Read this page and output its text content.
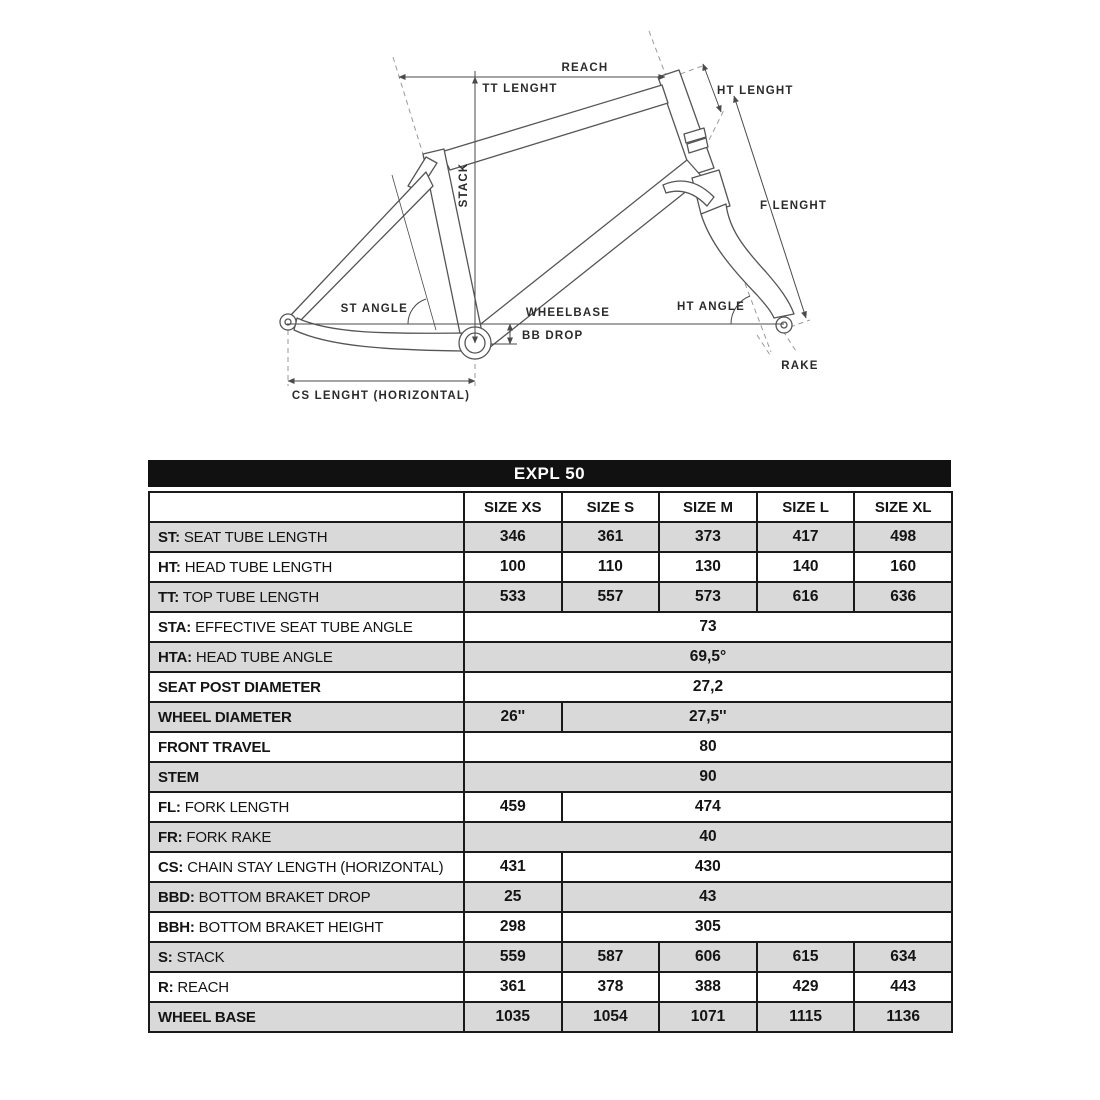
REACH
TT LENGHT	HT LENGHT
F LENGHT
STACK
ST ANGLE	WHEELBASE
BB DROP
HT ANGLE
RAKE
CS LENGHT (HORIZONTAL)
EXPL 50
	SIZE XS	SIZE S	SIZE M	SIZE L	SIZE XL
ST: SEAT TUBE LENGTH	346	361	373	417	498
HT: HEAD TUBE LENGTH	100	110	130	140	160
TT: TOP TUBE LENGTH	533	557	573	616	636
STA: EFFECTIVE SEAT TUBE ANGLE	73				
HTA: HEAD TUBE ANGLE	69,5°				
SEAT POST DIAMETER	27,2				
WHEEL DIAMETER	26''	27,5''			
FRONT TRAVEL	80				
STEM	90				
FL: FORK LENGTH	459	474			
FR: FORK RAKE	40				
CS: CHAIN STAY LENGTH (HORIZONTAL)	431	430			
BBD: BOTTOM BRAKET DROP	25	43			
BBH: BOTTOM BRAKET HEIGHT	298	305			
S: STACK	559	587	606	615	634
R: REACH	361	378	388	429	443
WHEEL BASE	1035	1054	1071	1115	1136
